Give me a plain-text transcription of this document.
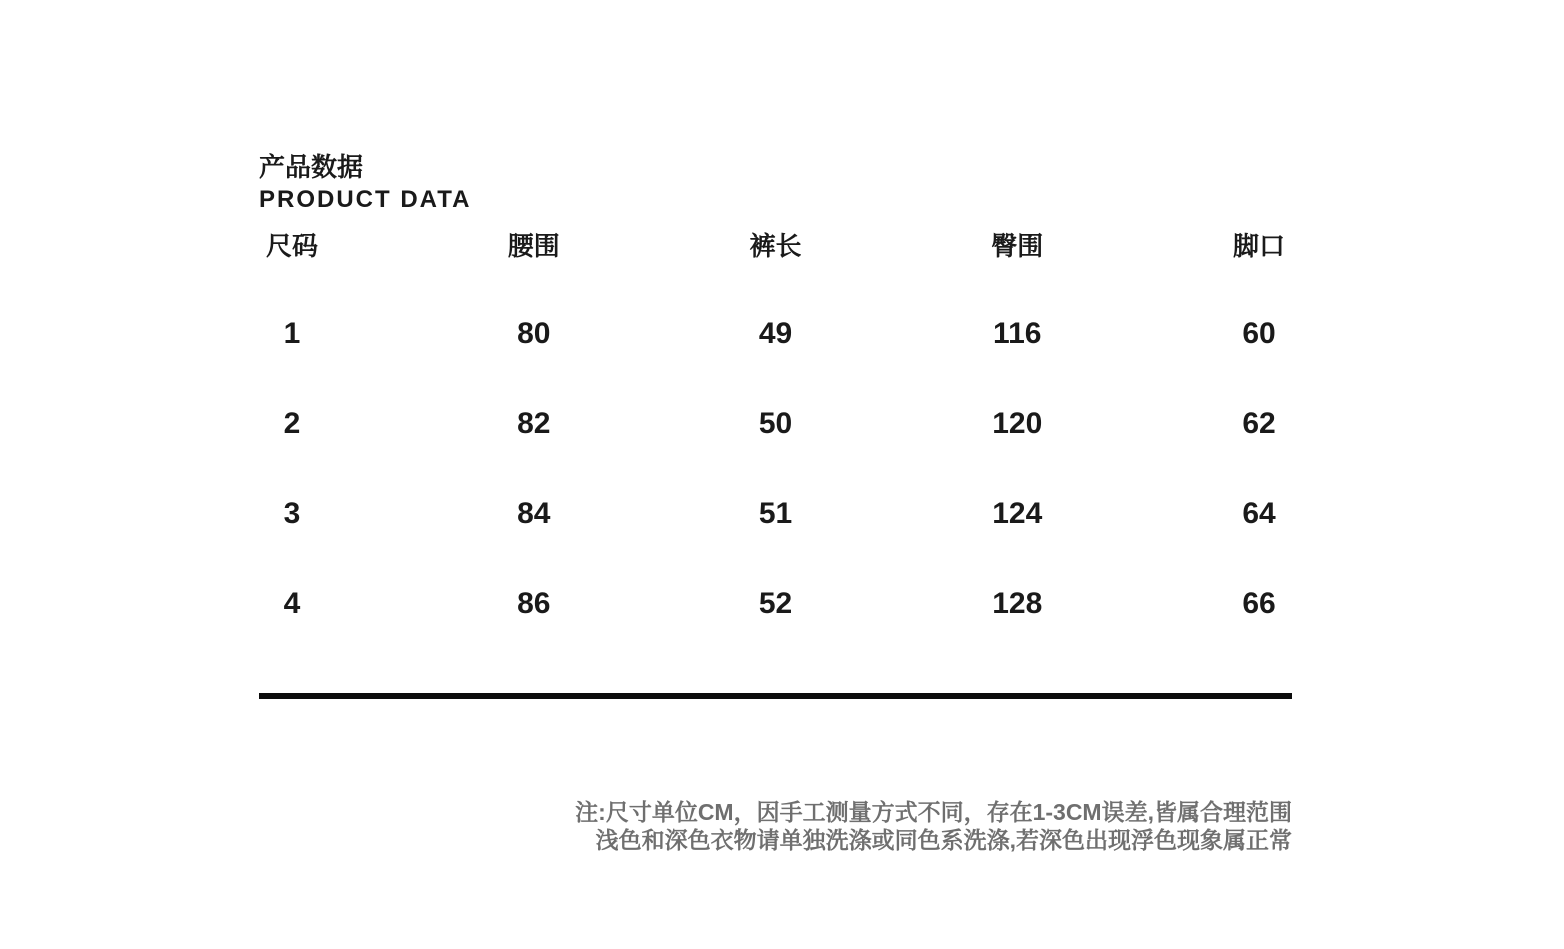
产品数据
PRODUCT DATA
尺码	腰围	裤长	臀围	脚口
1	80	49	116	60
2	82	50	120	62
3	84	51	124	64
4	86	52	128	66
注:尺寸单位CM，因手工测量方式不同，存在1-3CM误差,皆属合理范围
浅色和深色衣物请单独洗涤或同色系洗涤,若深色出现浮色现象属正常
